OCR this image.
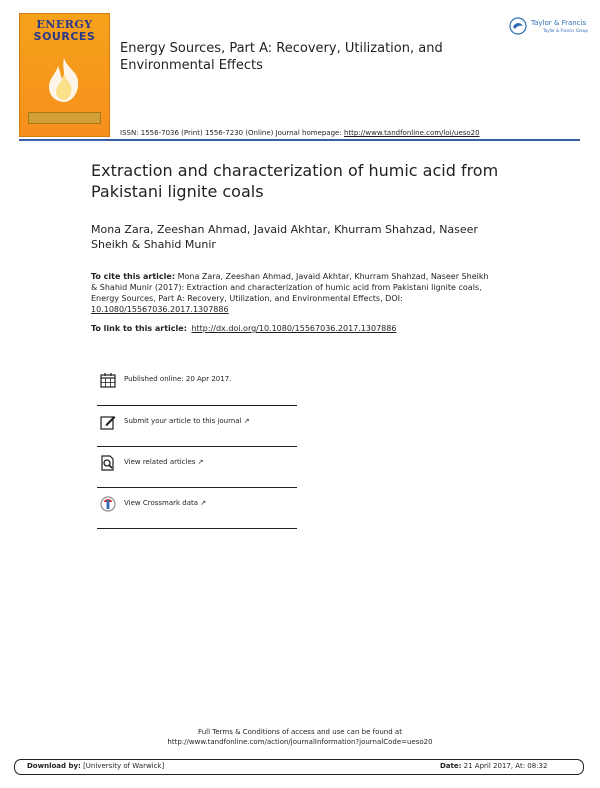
ENERGY
SOURCES
Energy Sources, Part A: Recovery, Utilization, and Environmental Effects
Taylor & Francis
Taylor & Francis Group
ISSN: 1556-7036 (Print) 1556-7230 (Online) Journal homepage: http://www.tandfonline.com/loi/ueso20
Extraction and characterization of humic acid from Pakistani lignite coals
Mona Zara, Zeeshan Ahmad, Javaid Akhtar, Khurram Shahzad, Naseer Sheikh & Shahid Munir
To cite this article: Mona Zara, Zeeshan Ahmad, Javaid Akhtar, Khurram Shahzad, Naseer Sheikh & Shahid Munir (2017): Extraction and characterization of humic acid from Pakistani lignite coals, Energy Sources, Part A: Recovery, Utilization, and Environmental Effects, DOI: 10.1080/15567036.2017.1307886
To link to this article: http://dx.doi.org/10.1080/15567036.2017.1307886
Published online: 20 Apr 2017.
Submit your article to this journal ↗︎
View related articles ↗︎
View Crossmark data ↗︎
Full Terms & Conditions of access and use can be found at
http://www.tandfonline.com/action/journalInformation?journalCode=ueso20
Download by: [University of Warwick]	Date: 21 April 2017, At: 08:32
